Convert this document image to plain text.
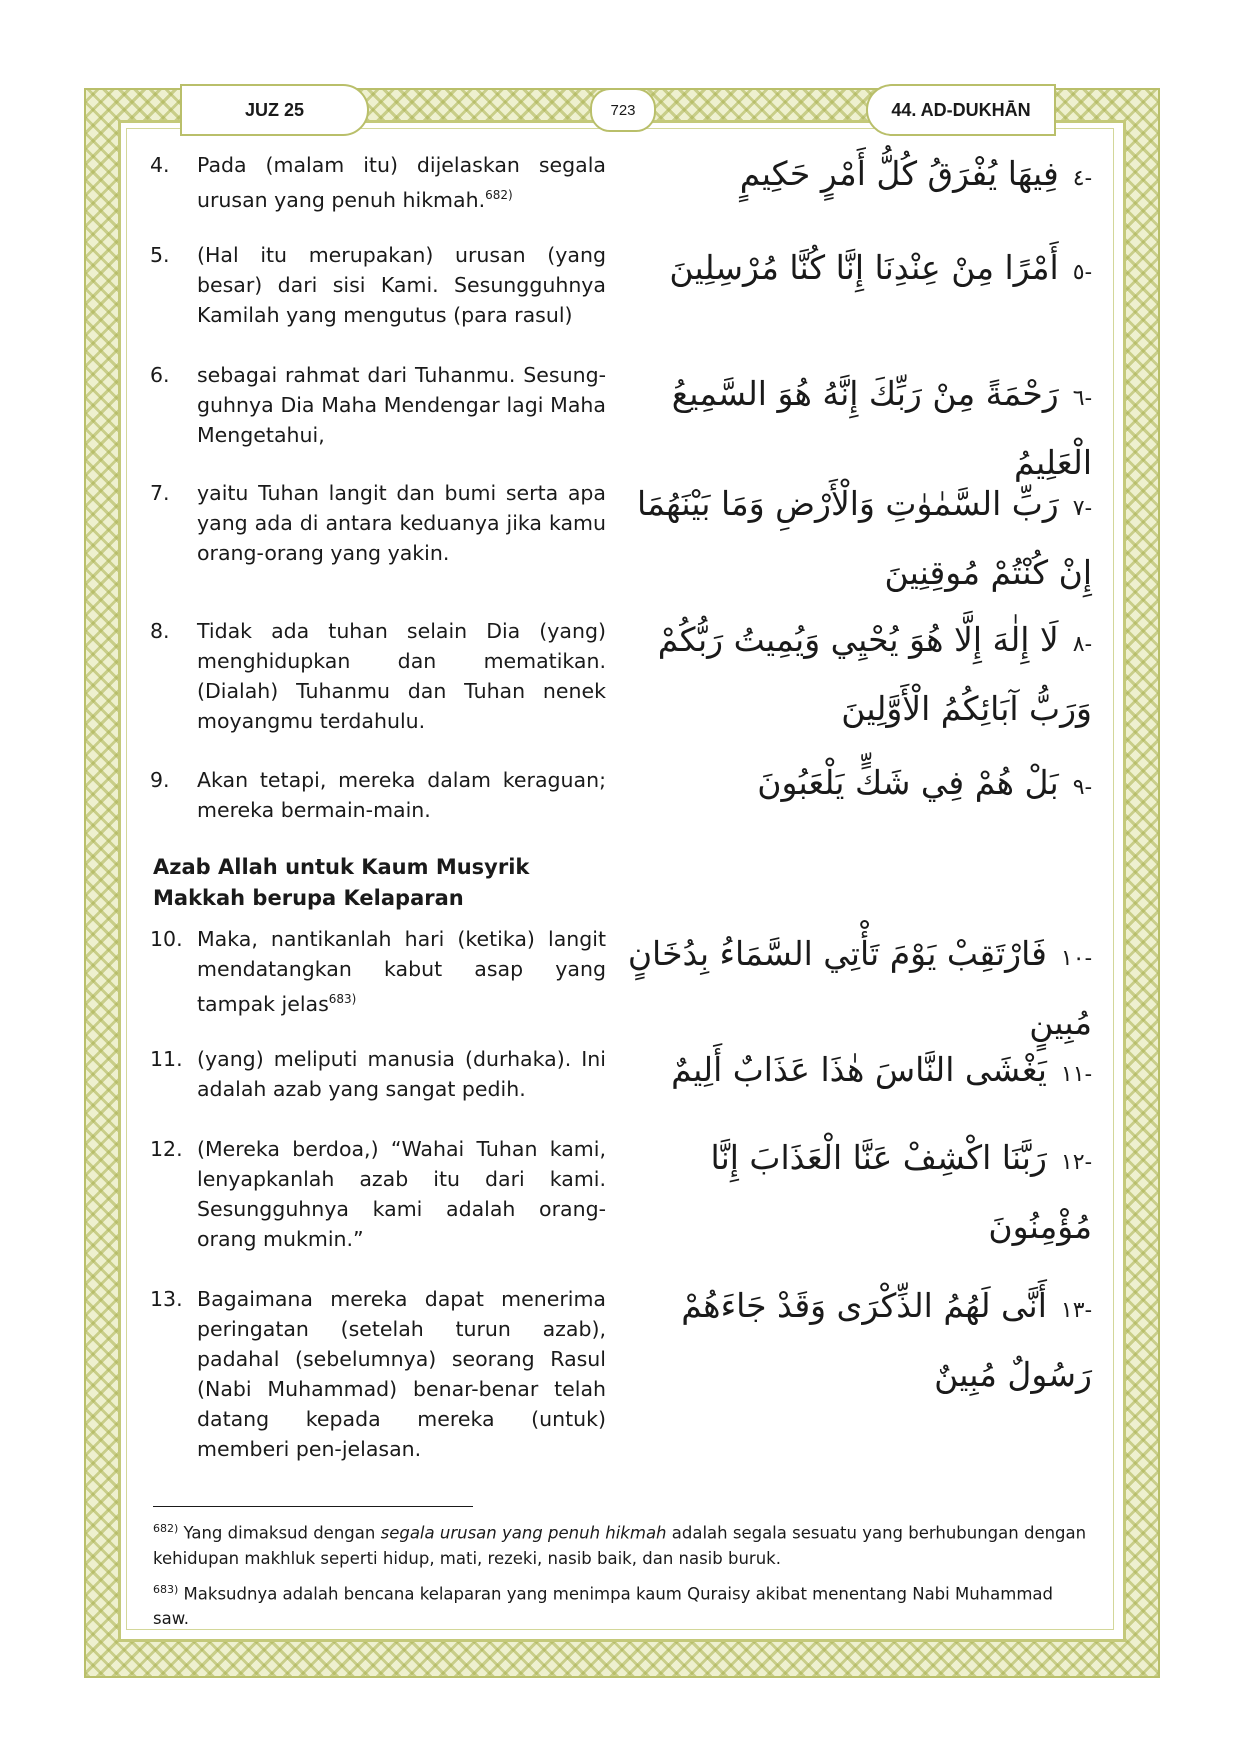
JUZ 25	723	44. AD-DUKHĀN
4.	Pada (malam itu) dijelaskan segala urusan yang penuh hikmah.$^{682)}$
-٤فِيهَا يُفْرَقُ كُلُّ أَمْرٍ حَكِيمٍ
5.	(Hal itu merupakan) urusan (yang besar) dari sisi Kami. Sesungguhnya Kamilah yang mengutus (para rasul)
-٥أَمْرًا مِنْ عِنْدِنَا إِنَّا كُنَّا مُرْسِلِينَ
6.	sebagai rahmat dari Tuhanmu. Sesung-guhnya Dia Maha Mendengar lagi Maha Mengetahui,
-٦رَحْمَةً مِنْ رَبِّكَ إِنَّهُ هُوَ السَّمِيعُ الْعَلِيمُ
7.	yaitu Tuhan langit dan bumi serta apa yang ada di antara keduanya jika kamu orang-orang yang yakin.
-٧رَبِّ السَّمٰوٰتِ وَالْأَرْضِ وَمَا بَيْنَهُمَا إِنْ كُنْتُمْ مُوقِنِينَ
8.	Tidak ada tuhan selain Dia (yang) menghidupkan dan mematikan. (Dialah) Tuhanmu dan Tuhan nenek moyangmu terdahulu.
-٨لَا إِلٰهَ إِلَّا هُوَ يُحْيِي وَيُمِيتُ رَبُّكُمْ وَرَبُّ آبَائِكُمُ الْأَوَّلِينَ
9.	Akan tetapi, mereka dalam keraguan; mereka bermain-main.
-٩بَلْ هُمْ فِي شَكٍّ يَلْعَبُونَ
Azab Allah untuk Kaum Musyrik Makkah berupa Kelaparan
10. Maka, nantikanlah hari (ketika) langit mendatangkan kabut asap yang tampak jelas$^{683)}$
-١٠فَارْتَقِبْ يَوْمَ تَأْتِي السَّمَاءُ بِدُخَانٍ مُبِينٍ
11. (yang) meliputi manusia (durhaka). Ini adalah azab yang sangat pedih.
-١١يَغْشَى النَّاسَ هٰذَا عَذَابٌ أَلِيمٌ
12. (Mereka berdoa,) “Wahai Tuhan kami, lenyapkanlah azab itu dari kami. Sesungguhnya kami adalah orang-orang mukmin.”
-١٢رَبَّنَا اكْشِفْ عَنَّا الْعَذَابَ إِنَّا مُؤْمِنُونَ
13. Bagaimana mereka dapat menerima peringatan (setelah turun azab), padahal (sebelumnya) seorang Rasul (Nabi Muhammad) benar-benar telah datang kepada mereka (untuk) memberi pen-jelasan.
-١٣أَنَّى لَهُمُ الذِّكْرَى وَقَدْ جَاءَهُمْ رَسُولٌ مُبِينٌ

$^{682)}$ Yang dimaksud dengan segala urusan yang penuh hikmah adalah segala sesuatu yang berhubungan dengan kehidupan makhluk seperti hidup, mati, rezeki, nasib baik, dan nasib buruk.

$^{683)}$ Maksudnya adalah bencana kelaparan yang menimpa kaum Quraisy akibat menentang Nabi Muhammad saw.
